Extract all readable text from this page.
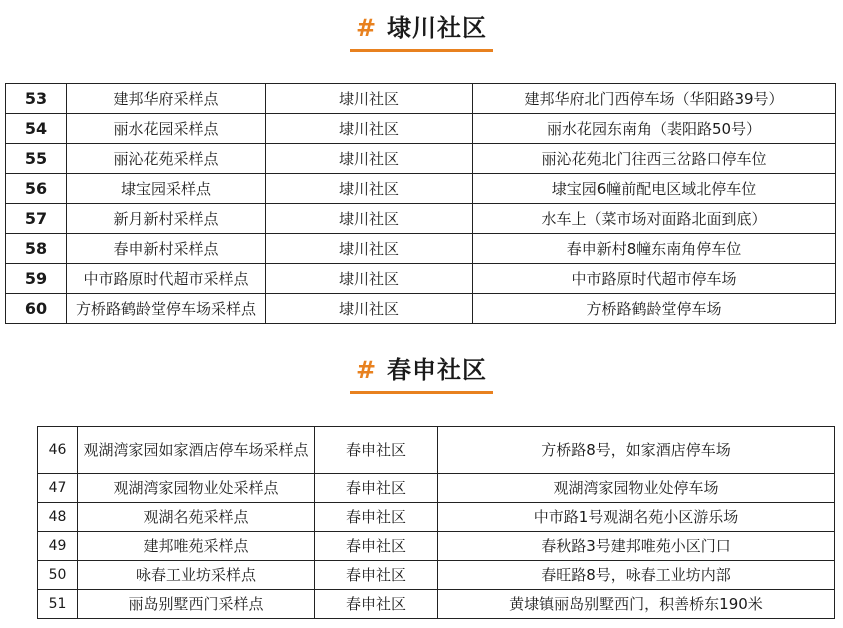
# 埭川社区
53	建邦华府采样点	埭川社区	建邦华府北门西停车场（华阳路39号）
54	丽水花园采样点	埭川社区	丽水花园东南角（裴阳路50号）
55	丽沁花苑采样点	埭川社区	丽沁花苑北门往西三岔路口停车位
56	埭宝园采样点	埭川社区	埭宝园6幢前配电区域北停车位
57	新月新村采样点	埭川社区	水车上（菜市场对面路北面到底）
58	春申新村采样点	埭川社区	春申新村8幢东南角停车位
59	中市路原时代超市采样点	埭川社区	中市路原时代超市停车场
60	方桥路鹤龄堂停车场采样点	埭川社区	方桥路鹤龄堂停车场
# 春申社区
46	观湖湾家园如家酒店停车场采样点	春申社区	方桥路8号，如家酒店停车场
47	观湖湾家园物业处采样点	春申社区	观湖湾家园物业处停车场
48	观湖名苑采样点	春申社区	中市路1号观湖名苑小区游乐场
49	建邦唯苑采样点	春申社区	春秋路3号建邦唯苑小区门口
50	咏春工业坊采样点	春申社区	春旺路8号，咏春工业坊内部
51	丽岛别墅西门采样点	春申社区	黄埭镇丽岛别墅西门，积善桥东190米
